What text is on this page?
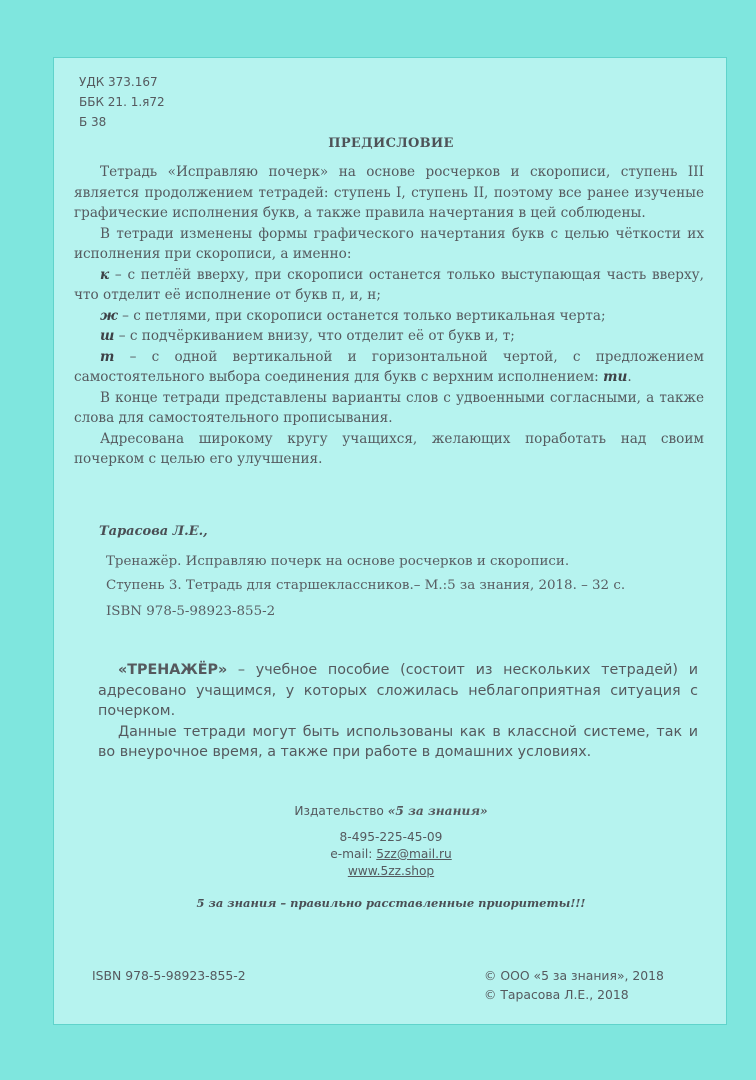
УДК 373.167
ББК 21. 1.я72
Б 38
ПРЕДИСЛОВИЕ

Тетрадь «Исправляю почерк» на основе росчерков и скорописи, ступень III является продолжением тетрадей: ступень I, ступень II, поэтому все ранее изученые графические исполнения букв, а также правила начертания в цей соблюдены.

В тетради изменены формы графического начертания букв с целью чёткости их исполнения при скорописи, а именно:

к – с петлёй вверху, при скорописи останется только выступающая часть вверху, что отделит её исполнение от букв п, и, н;

ж – с петлями, при скорописи останется только вертикальная черта;

ш – с подчёркиванием внизу, что отделит её от букв и, т;

т – с одной вертикальной и горизонтальной чертой, с предложением самостоятельного выбора соединения для букв с верхним исполнением: ти.

В конце тетради представлены варианты слов с удвоенными согласными, а также слова для самостоятельного прописывания.

Адресована широкому кругу учащихся, желающих поработать над своим почерком с целью его улучшения.

Тарасова Л.Е.,
Тренажёр. Исправляю почерк на основе росчерков и скорописи.
Ступень 3. Тетрадь для старшеклассников.– М.:5 за знания, 2018. – 32 с.
ISBN 978-5-98923-855-2

«ТРЕНАЖЁР» – учебное пособие (состоит из нескольких тетрадей) и адресовано учащимся, у которых сложилась неблагоприятная ситуация с почерком.

Данные тетради могут быть использованы как в классной системе, так и во внеурочное время, а также при работе в домашних условиях.

Издательство «5 за знания»
8-495-225-45-09
e-mail: 5zz@mail.ru
www.5zz.shop
5 за знания – правильно расставленные приоритеты!!!
ISBN 978-5-98923-855-2	© ООО «5 за знания», 2018
© Тарасова Л.Е., 2018
